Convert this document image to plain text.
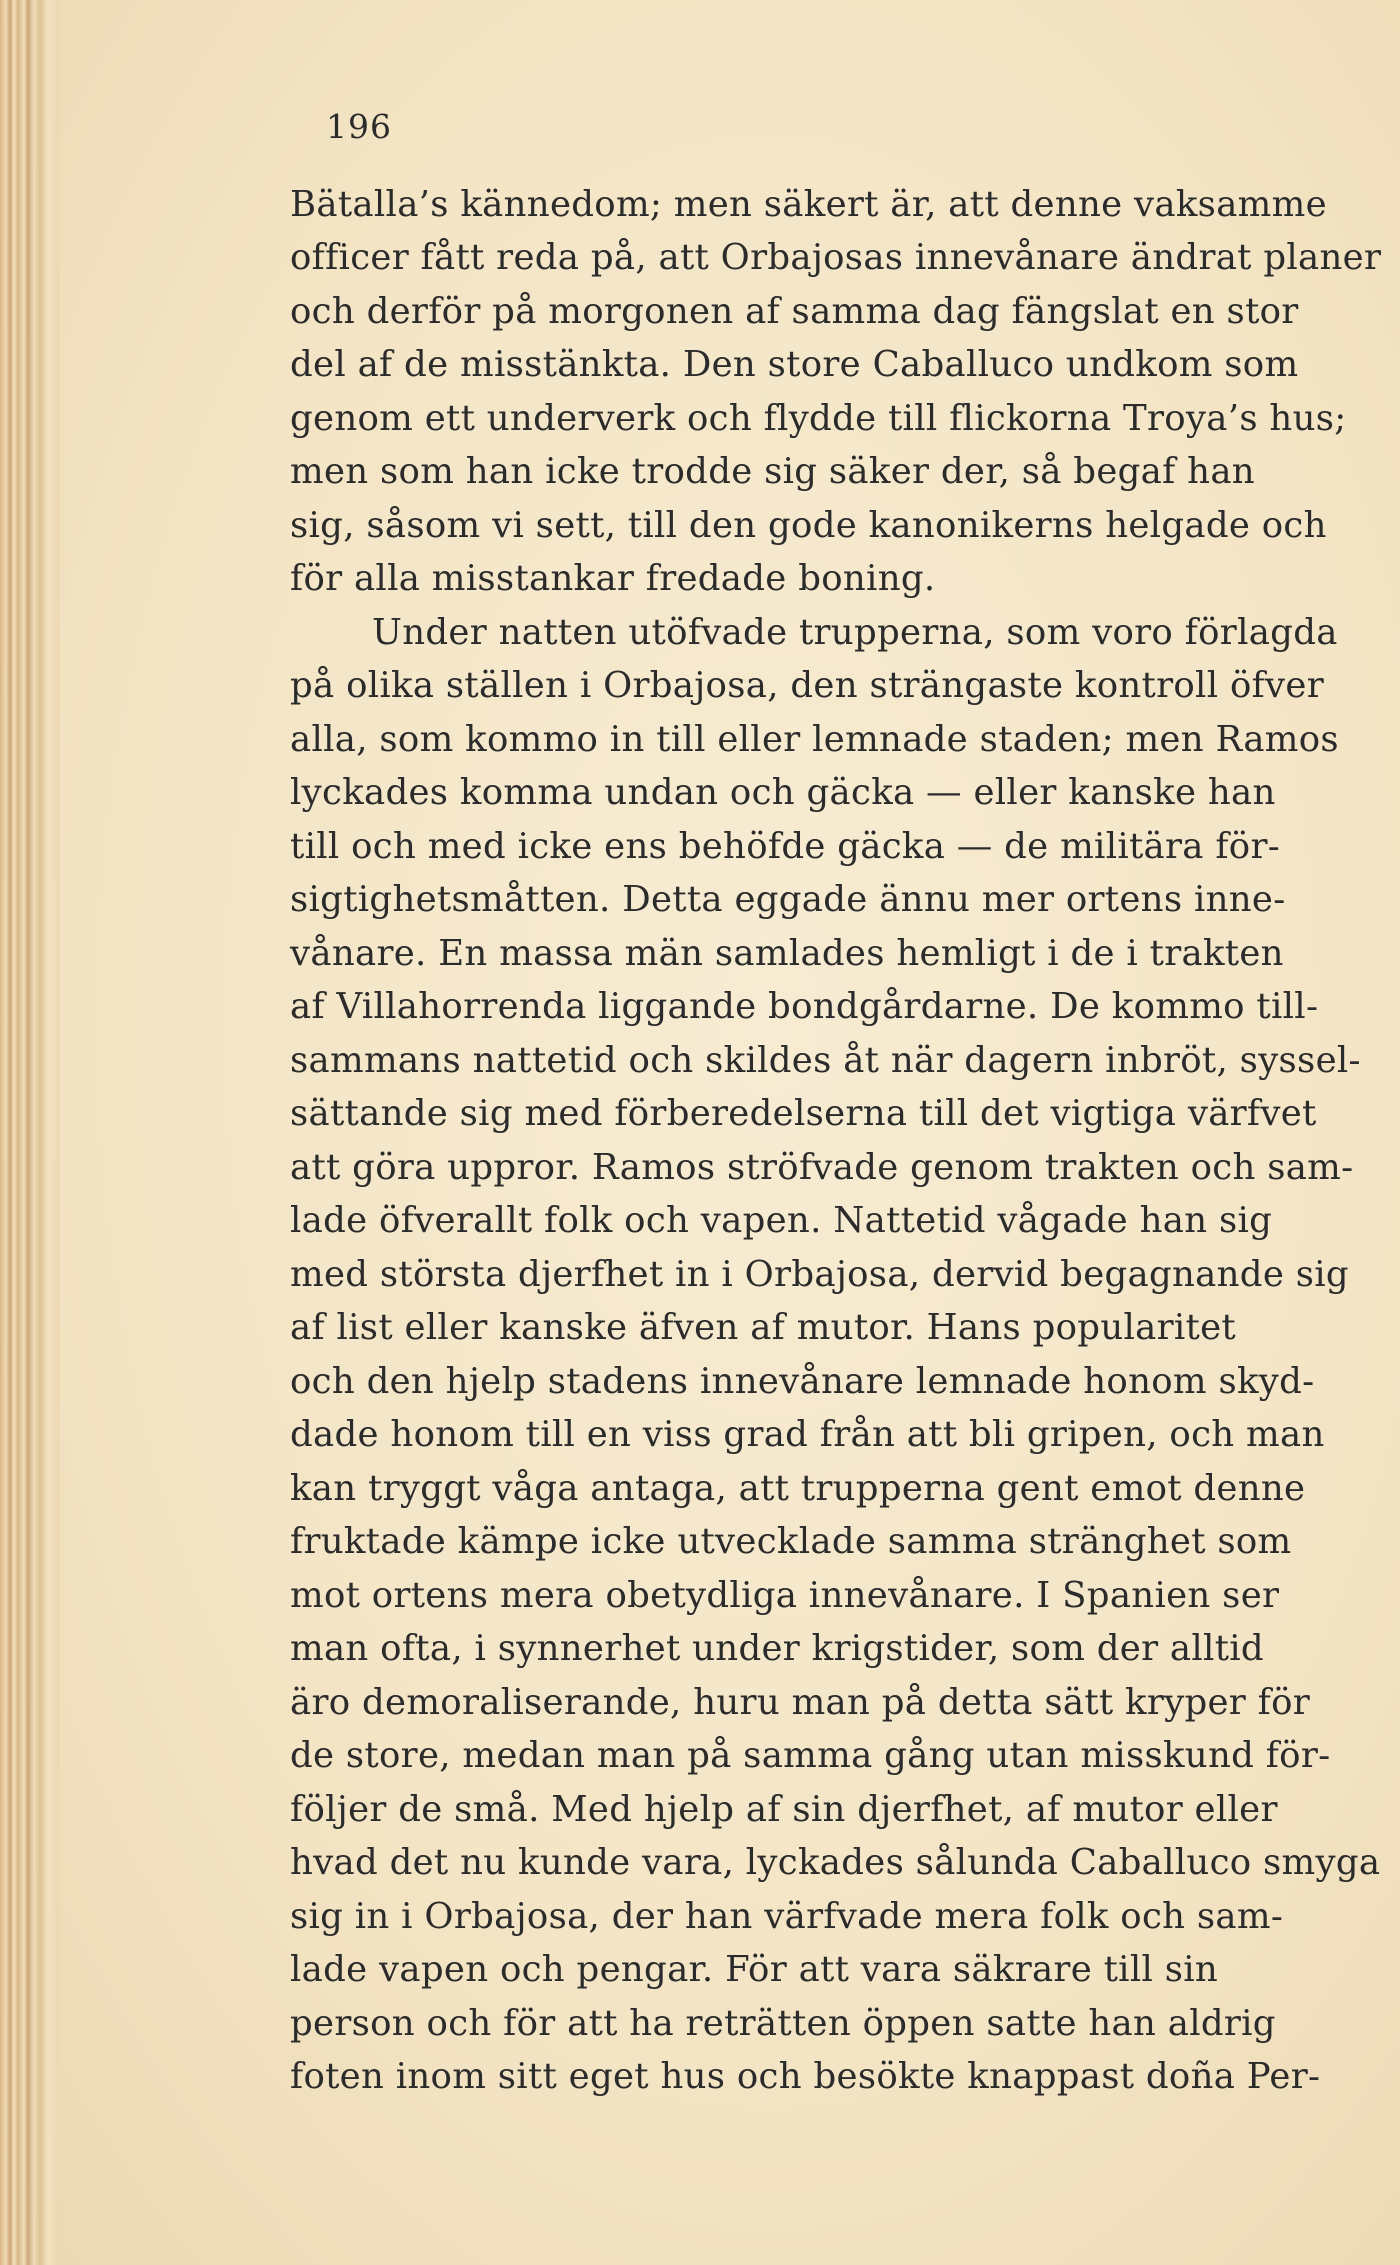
196
Bätalla’s kännedom; men säkert är, att denne vaksamme
officer fått reda på, att Orbajosas innevånare ändrat planer
och derför på morgonen af samma dag fängslat en stor
del af de misstänkta. Den store Caballuco undkom som
genom ett underverk och flydde till flickorna Troya’s hus;
men som han icke trodde sig säker der, så begaf han
sig, såsom vi sett, till den gode kanonikerns helgade och
för alla misstankar fredade boning.
Under natten utöfvade trupperna, som voro förlagda
på olika ställen i Orbajosa, den strängaste kontroll öfver
alla, som kommo in till eller lemnade staden; men Ramos
lyckades komma undan och gäcka — eller kanske han
till och med icke ens behöfde gäcka — de militära för-
sigtighetsmåtten. Detta eggade ännu mer ortens inne-
vånare. En massa män samlades hemligt i de i trakten
af Villahorrenda liggande bondgårdarne. De kommo till-
sammans nattetid och skildes åt när dagern inbröt, syssel-
sättande sig med förberedelserna till det vigtiga värfvet
att göra uppror. Ramos ströfvade genom trakten och sam-
lade öfverallt folk och vapen. Nattetid vågade han sig
med största djerfhet in i Orbajosa, dervid begagnande sig
af list eller kanske äfven af mutor. Hans popularitet
och den hjelp stadens innevånare lemnade honom skyd-
dade honom till en viss grad från att bli gripen, och man
kan tryggt våga antaga, att trupperna gent emot denne
fruktade kämpe icke utvecklade samma stränghet som
mot ortens mera obetydliga innevånare. I Spanien ser
man ofta, i synnerhet under krigstider, som der alltid
äro demoraliserande, huru man på detta sätt kryper för
de store, medan man på samma gång utan misskund för-
följer de små. Med hjelp af sin djerfhet, af mutor eller
hvad det nu kunde vara, lyckades sålunda Caballuco smyga
sig in i Orbajosa, der han värfvade mera folk och sam-
lade vapen och pengar. För att vara säkrare till sin
person och för att ha reträtten öppen satte han aldrig
foten inom sitt eget hus och besökte knappast doña Per-
